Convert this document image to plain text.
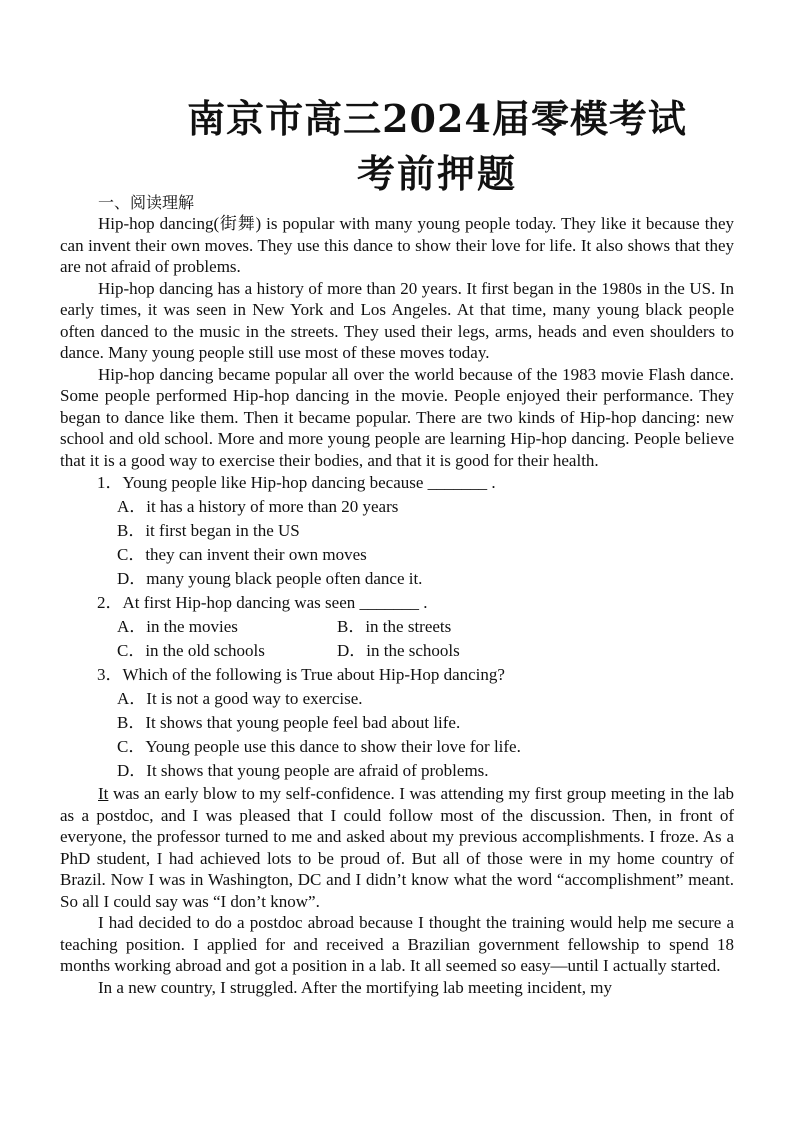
南京市高三2024届零模考试
考前押题
一、阅读理解

Hip-hop dancing(街舞) is popular with many young people today. They like it because they can invent their own moves. They use this dance to show their love for life. It also shows that they are not afraid of problems.

Hip-hop dancing has a history of more than 20 years. It first began in the 1980s in the US. In early times, it was seen in New York and Los Angeles. At that time, many young black people often danced to the music in the streets. They used their legs, arms, heads and even shoulders to dance. Many young people still use most of these moves today.

Hip-hop dancing became popular all over the world because of the 1983 movie Flash dance. Some people performed Hip-hop dancing in the movie. People enjoyed their performance. They began to dance like them. Then it became popular. There are two kinds of Hip-hop dancing: new school and old school. More and more young people are learning Hip-hop dancing. People believe that it is a good way to exercise their bodies, and that it is good for their health.

1．Young people like Hip-hop dancing because _______ .

A．it has a history of more than 20 years

B．it first began in the US

C．they can invent their own moves

D．many young black people often dance it.

2．At first Hip-hop dancing was seen _______ .

A．in the movies	B．in the streets
C．in the old schools	D．in the schools

3．Which of the following is True about Hip-Hop dancing?

A．It is not a good way to exercise.

B．It shows that young people feel bad about life.

C．Young people use this dance to show their love for life.

D．It shows that young people are afraid of problems.

It was an early blow to my self-confidence. I was attending my first group meeting in the lab as a postdoc, and I was pleased that I could follow most of the discussion. Then, in front of everyone, the professor turned to me and asked about my previous accomplishments. I froze. As a PhD student, I had achieved lots to be proud of. But all of those were in my home country of Brazil. Now I was in Washington, DC and I didn’t know what the word “accomplishment” meant. So all I could say was “I don’t know”.

I had decided to do a postdoc abroad because I thought the training would help me secure a teaching position. I applied for and received a Brazilian government fellowship to spend 18 months working abroad and got a position in a lab. It all seemed so easy—until I actually started.

In a new country, I struggled. After the mortifying lab meeting incident, my
